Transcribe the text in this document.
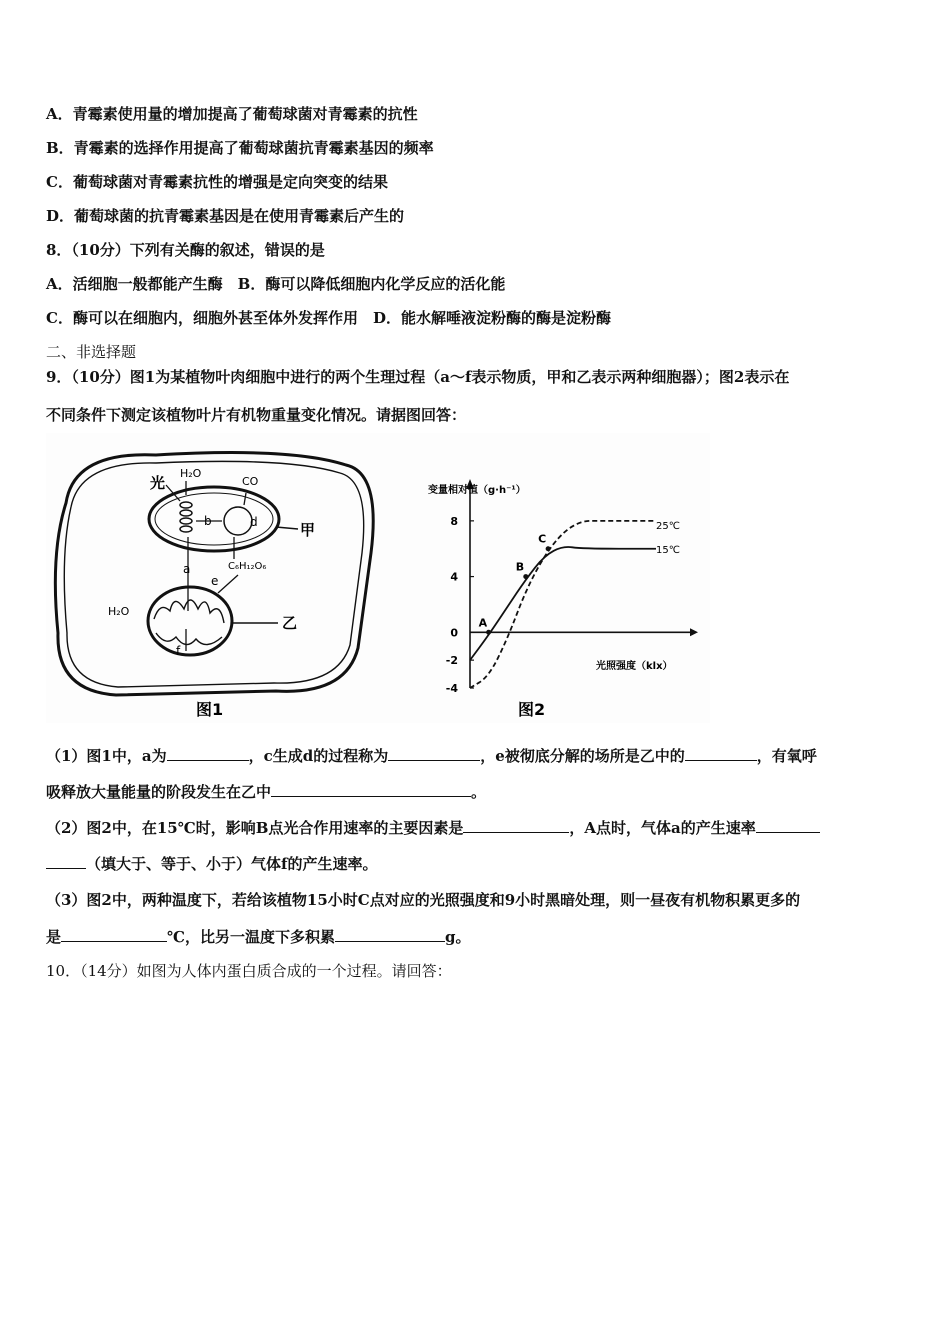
A．青霉素使用量的增加提高了葡萄球菌对青霉素的抗性
B．青霉素的选择作用提高了葡萄球菌抗青霉素基因的频率
C．葡萄球菌对青霉素抗性的增强是定向突变的结果
D．葡萄球菌的抗青霉素基因是在使用青霉素后产生的
8．（10分）下列有关酶的叙述，错误的是
A．活细胞一般都能产生酶　B．酶可以降低细胞内化学反应的活化能
C．酶可以在细胞内，细胞外甚至体外发挥作用　D．能水解唾液淀粉酶的酶是淀粉酶
二、非选择题
9．（10分）图1为某植物叶肉细胞中进行的两个生理过程（a～f表示物质，甲和乙表示两种细胞器）；图2表示在
不同条件下测定该植物叶片有机物重量变化情况。请据图回答：
光
H₂O
CO
b	d
a
e
C₆H₁₂O₆
H₂O
f
甲
乙
图1
8
4
0
-2
-4
A
B
C
变量相对值（g·h⁻¹）
光照强度（klx）
25℃
15℃
图2
（1）图1中，a为	，c生成d的过程称为	，e被彻底分解的场所是乙中的	，有氧呼
吸释放大量能量的阶段发生在乙中	。
（2）图2中，在15℃时，影响B点光合作用速率的主要因素是	，A点时，气体a的产生速率
（填大于、等于、小于）气体f的产生速率。
（3）图2中，两种温度下，若给该植物15小时C点对应的光照强度和9小时黑暗处理，则一昼夜有机物积累更多的
是	℃，比另一温度下多积累	g。
10．（14分）如图为人体内蛋白质合成的一个过程。请回答：
